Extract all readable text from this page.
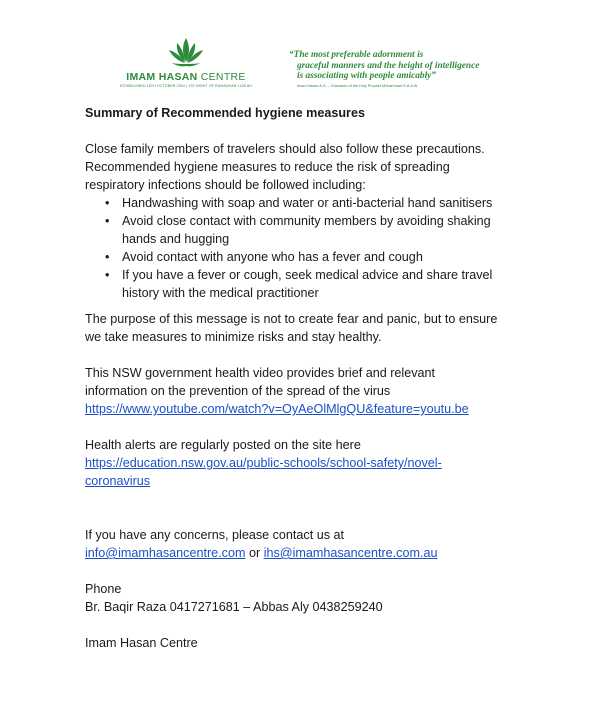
IMAM HASAN CENTRE
ESTABLISHED 16TH OCTOBER 2004 | 1ST NIGHT OF RAMADHAN 1425 AH
“The most preferable adornment is
graceful manners and the height of intelligence
is associating with people amicably”
Imam Hasan A.S. – Grandson of the Holy Prophet Muhammad S.A.A.W

Summary of Recommended hygiene measures

Close family members of travelers should also follow these precautions.
Recommended hygiene measures to reduce the risk of spreading
respiratory infections should be followed including:
• Handwashing with soap and water or anti-bacterial hand sanitisers
• Avoid close contact with community members by avoiding shaking
hands and hugging
• Avoid contact with anyone who has a fever and cough
• If you have a fever or cough, seek medical advice and share travel
history with the medical practitioner
The purpose of this message is not to create fear and panic, but to ensure
we take measures to minimize risks and stay healthy.
This NSW government health video provides brief and relevant
information on the prevention of the spread of the virus
https://www.youtube.com/watch?v=OyAeOlMlgQU&feature=youtu.be
Health alerts are regularly posted on the site here
https://education.nsw.gov.au/public-schools/school-safety/novel-
coronavirus
If you have any concerns, please contact us at
info@imamhasancentre.com or ihs@imamhasancentre.com.au
Phone
Br. Baqir Raza 0417271681 – Abbas Aly 0438259240
Imam Hasan Centre
